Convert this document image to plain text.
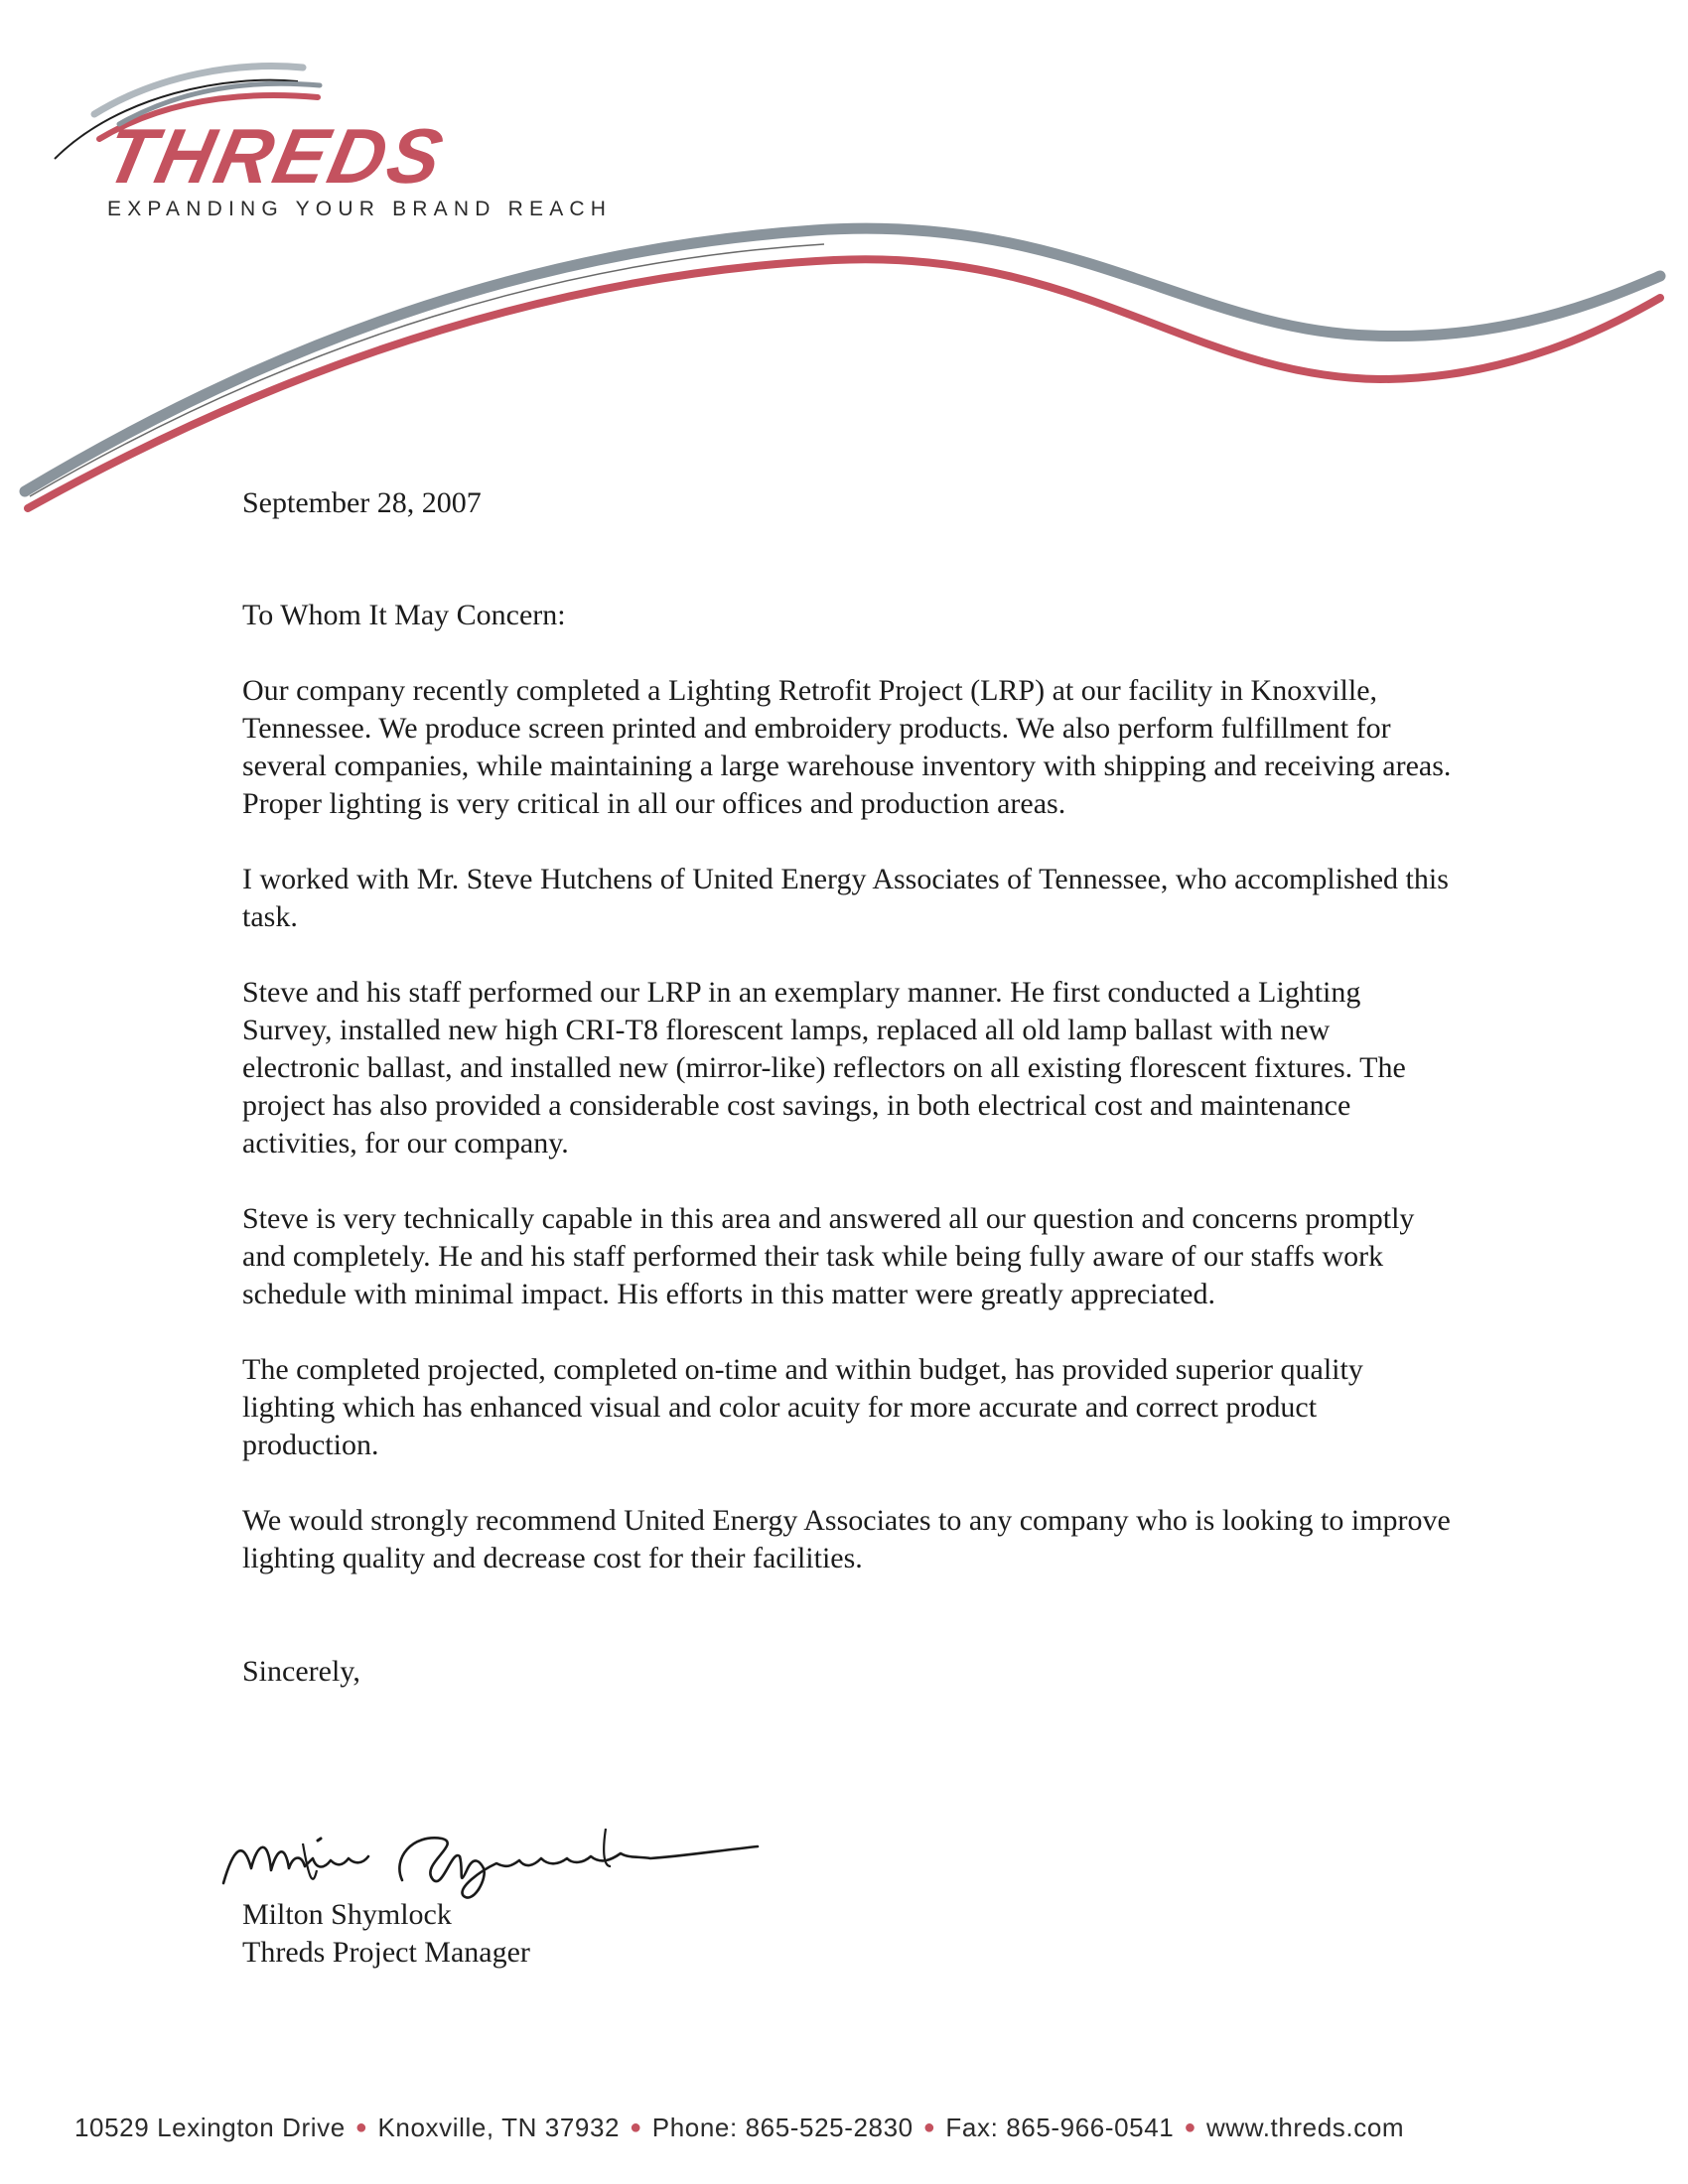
THREDS
EXPANDING YOUR BRAND REACH

September 28, 2007

To Whom It May Concern:

Our company recently completed a Lighting Retrofit Project (LRP) at our facility in Knoxville, Tennessee. We produce screen printed and embroidery products. We also perform fulfillment for several companies, while maintaining a large warehouse inventory with shipping and receiving areas. Proper lighting is very critical in all our offices and production areas.

I worked with Mr. Steve Hutchens of United Energy Associates of Tennessee, who accomplished this task.

Steve and his staff performed our LRP in an exemplary manner. He first conducted a Lighting Survey, installed new high CRI-T8 florescent lamps, replaced all old lamp ballast with new electronic ballast, and installed new (mirror-like) reflectors on all existing florescent fixtures. The project has also provided a considerable cost savings, in both electrical cost and maintenance activities, for our company.

Steve is very technically capable in this area and answered all our question and concerns promptly and completely. He and his staff performed their task while being fully aware of our staffs work schedule with minimal impact. His efforts in this matter were greatly appreciated.

The completed projected, completed on-time and within budget, has provided superior quality lighting which has enhanced visual and color acuity for more accurate and correct product production.

We would strongly recommend United Energy Associates to any company who is looking to improve lighting quality and decrease cost for their facilities.

Sincerely,

Milton Shymlock
Threds Project Manager
10529 Lexington Drive ● Knoxville, TN 37932 ● Phone: 865-525-2830 ● Fax: 865-966-0541 ● www.threds.com
